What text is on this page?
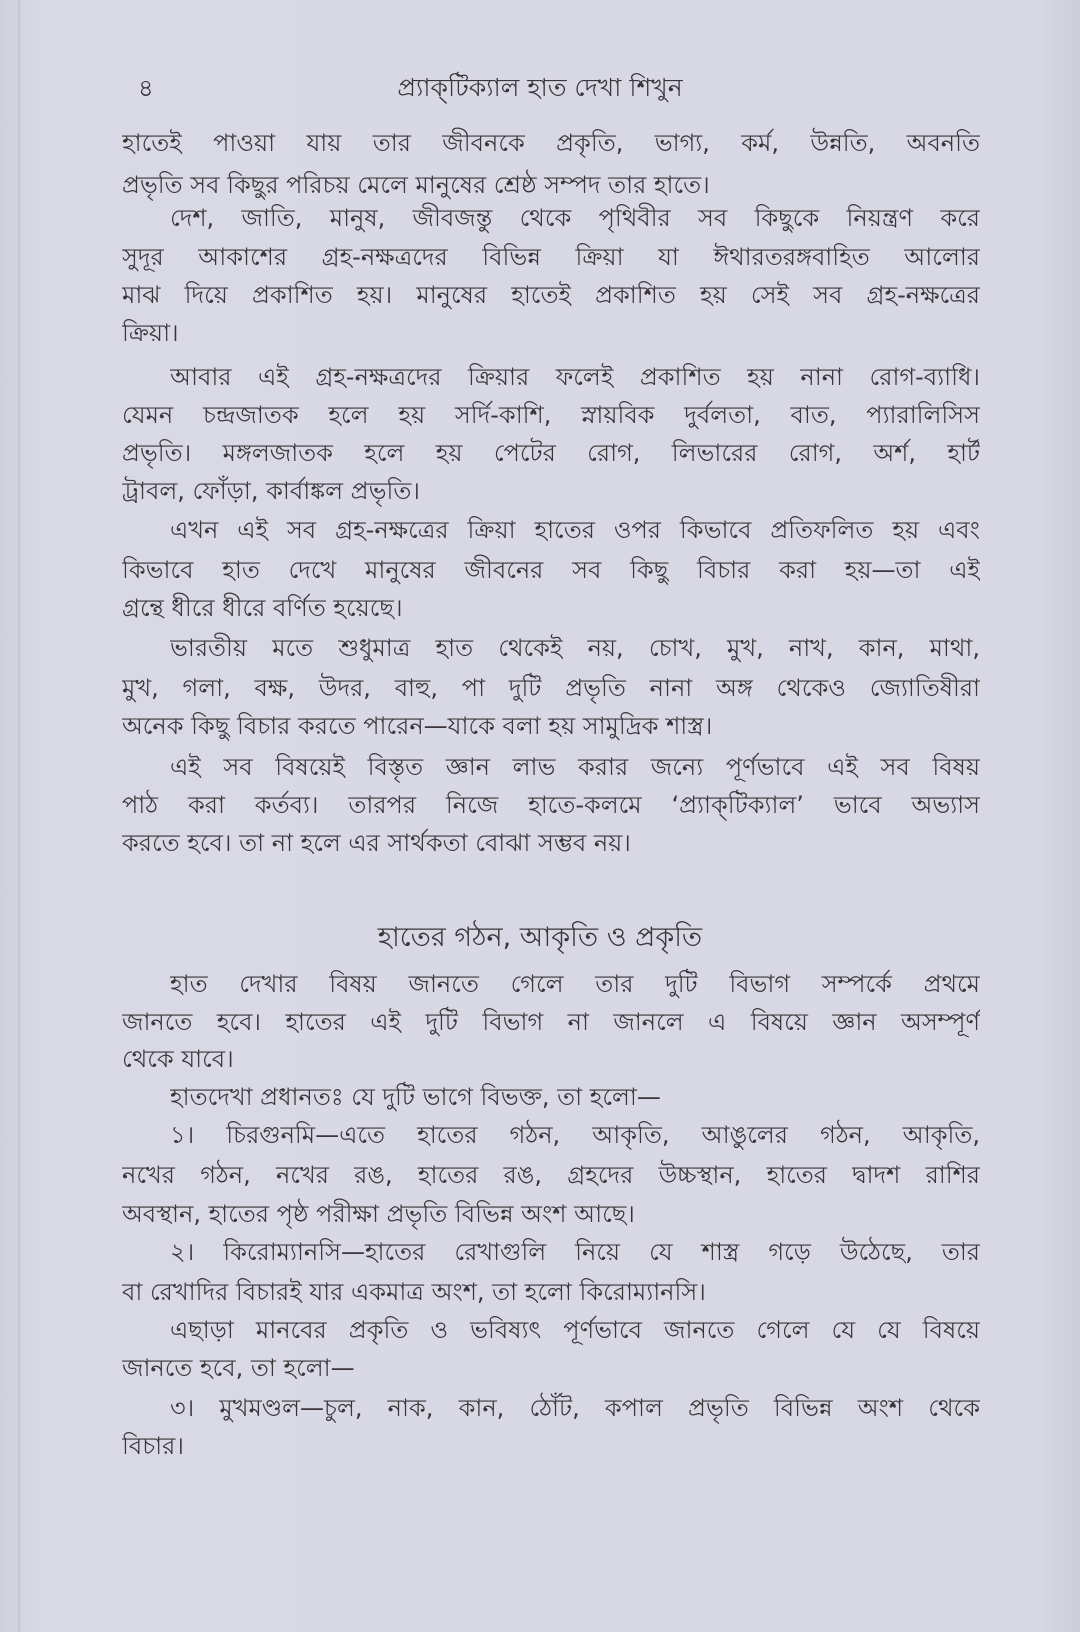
৪	প্র্যাক্‌টিক্যাল হাত দেখা শিখুন
হাতেই পাওয়া যায় তার জীবনকে প্রকৃতি, ভাগ্য, কর্ম, উন্নতি, অবনতি
প্রভৃতি সব কিছুর পরিচয় মেলে মানুষের শ্রেষ্ঠ সম্পদ তার হাতে।
দেশ, জাতি, মানুষ, জীবজন্তু থেকে পৃথিবীর সব কিছুকে নিয়ন্ত্রণ করে
সুদূর আকাশের গ্রহ-নক্ষত্রদের বিভিন্ন ক্রিয়া যা ঈথারতরঙ্গবাহিত আলোর
মাঝ দিয়ে প্রকাশিত হয়। মানুষের হাতেই প্রকাশিত হয় সেই সব গ্রহ-নক্ষত্রের
ক্রিয়া।
আবার এই গ্রহ-নক্ষত্রদের ক্রিয়ার ফলেই প্রকাশিত হয় নানা রোগ-ব্যাধি।
যেমন চন্দ্রজাতক হলে হয় সর্দি-কাশি, স্নায়বিক দুর্বলতা, বাত, প্যারালিসিস
প্রভৃতি। মঙ্গলজাতক হলে হয় পেটের রোগ, লিভারের রোগ, অর্শ, হার্ট
ট্রাবল, ফোঁড়া, কার্বাঙ্কল প্রভৃতি।
এখন এই সব গ্রহ-নক্ষত্রের ক্রিয়া হাতের ওপর কিভাবে প্রতিফলিত হয় এবং
কিভাবে হাত দেখে মানুষের জীবনের সব কিছু বিচার করা হয়—তা এই
গ্রন্থে ধীরে ধীরে বর্ণিত হয়েছে।
ভারতীয় মতে শুধুমাত্র হাত থেকেই নয়, চোখ, মুখ, নাখ, কান, মাথা,
মুখ, গলা, বক্ষ, উদর, বাহু, পা দুটি প্রভৃতি নানা অঙ্গ থেকেও জ্যোতিষীরা
অনেক কিছু বিচার করতে পারেন—যাকে বলা হয় সামুদ্রিক শাস্ত্র।
এই সব বিষয়েই বিস্তৃত জ্ঞান লাভ করার জন্যে পূর্ণভাবে এই সব বিষয়
পাঠ করা কর্তব্য। তারপর নিজে হাতে-কলমে ‘প্র্যাক্‌টিক্যাল’ ভাবে অভ্যাস
করতে হবে। তা না হলে এর সার্থকতা বোঝা সম্ভব নয়।
হাতের গঠন, আকৃতি ও প্রকৃতি
হাত দেখার বিষয় জানতে গেলে তার দুটি বিভাগ সম্পর্কে প্রথমে
জানতে হবে। হাতের এই দুটি বিভাগ না জানলে এ বিষয়ে জ্ঞান অসম্পূর্ণ
থেকে যাবে।
হাতদেখা প্রধানতঃ যে দুটি ভাগে বিভক্ত, তা হলো—
১। চিরগুনমি—এতে হাতের গঠন, আকৃতি, আঙুলের গঠন, আকৃতি,
নখের গঠন, নখের রঙ, হাতের রঙ, গ্রহদের উচ্চস্থান, হাতের দ্বাদশ রাশির
অবস্থান, হাতের পৃষ্ঠ পরীক্ষা প্রভৃতি বিভিন্ন অংশ আছে।
২। কিরোম্যানসি—হাতের রেখাগুলি নিয়ে যে শাস্ত্র গড়ে উঠেছে, তার
বা রেখাদির বিচারই যার একমাত্র অংশ, তা হলো কিরোম্যানসি।
এছাড়া মানবের প্রকৃতি ও ভবিষ্যৎ পূর্ণভাবে জানতে গেলে যে যে বিষয়ে
জানতে হবে, তা হলো—
৩। মুখমণ্ডল—চুল, নাক, কান, ঠোঁট, কপাল প্রভৃতি বিভিন্ন অংশ থেকে
বিচার।
